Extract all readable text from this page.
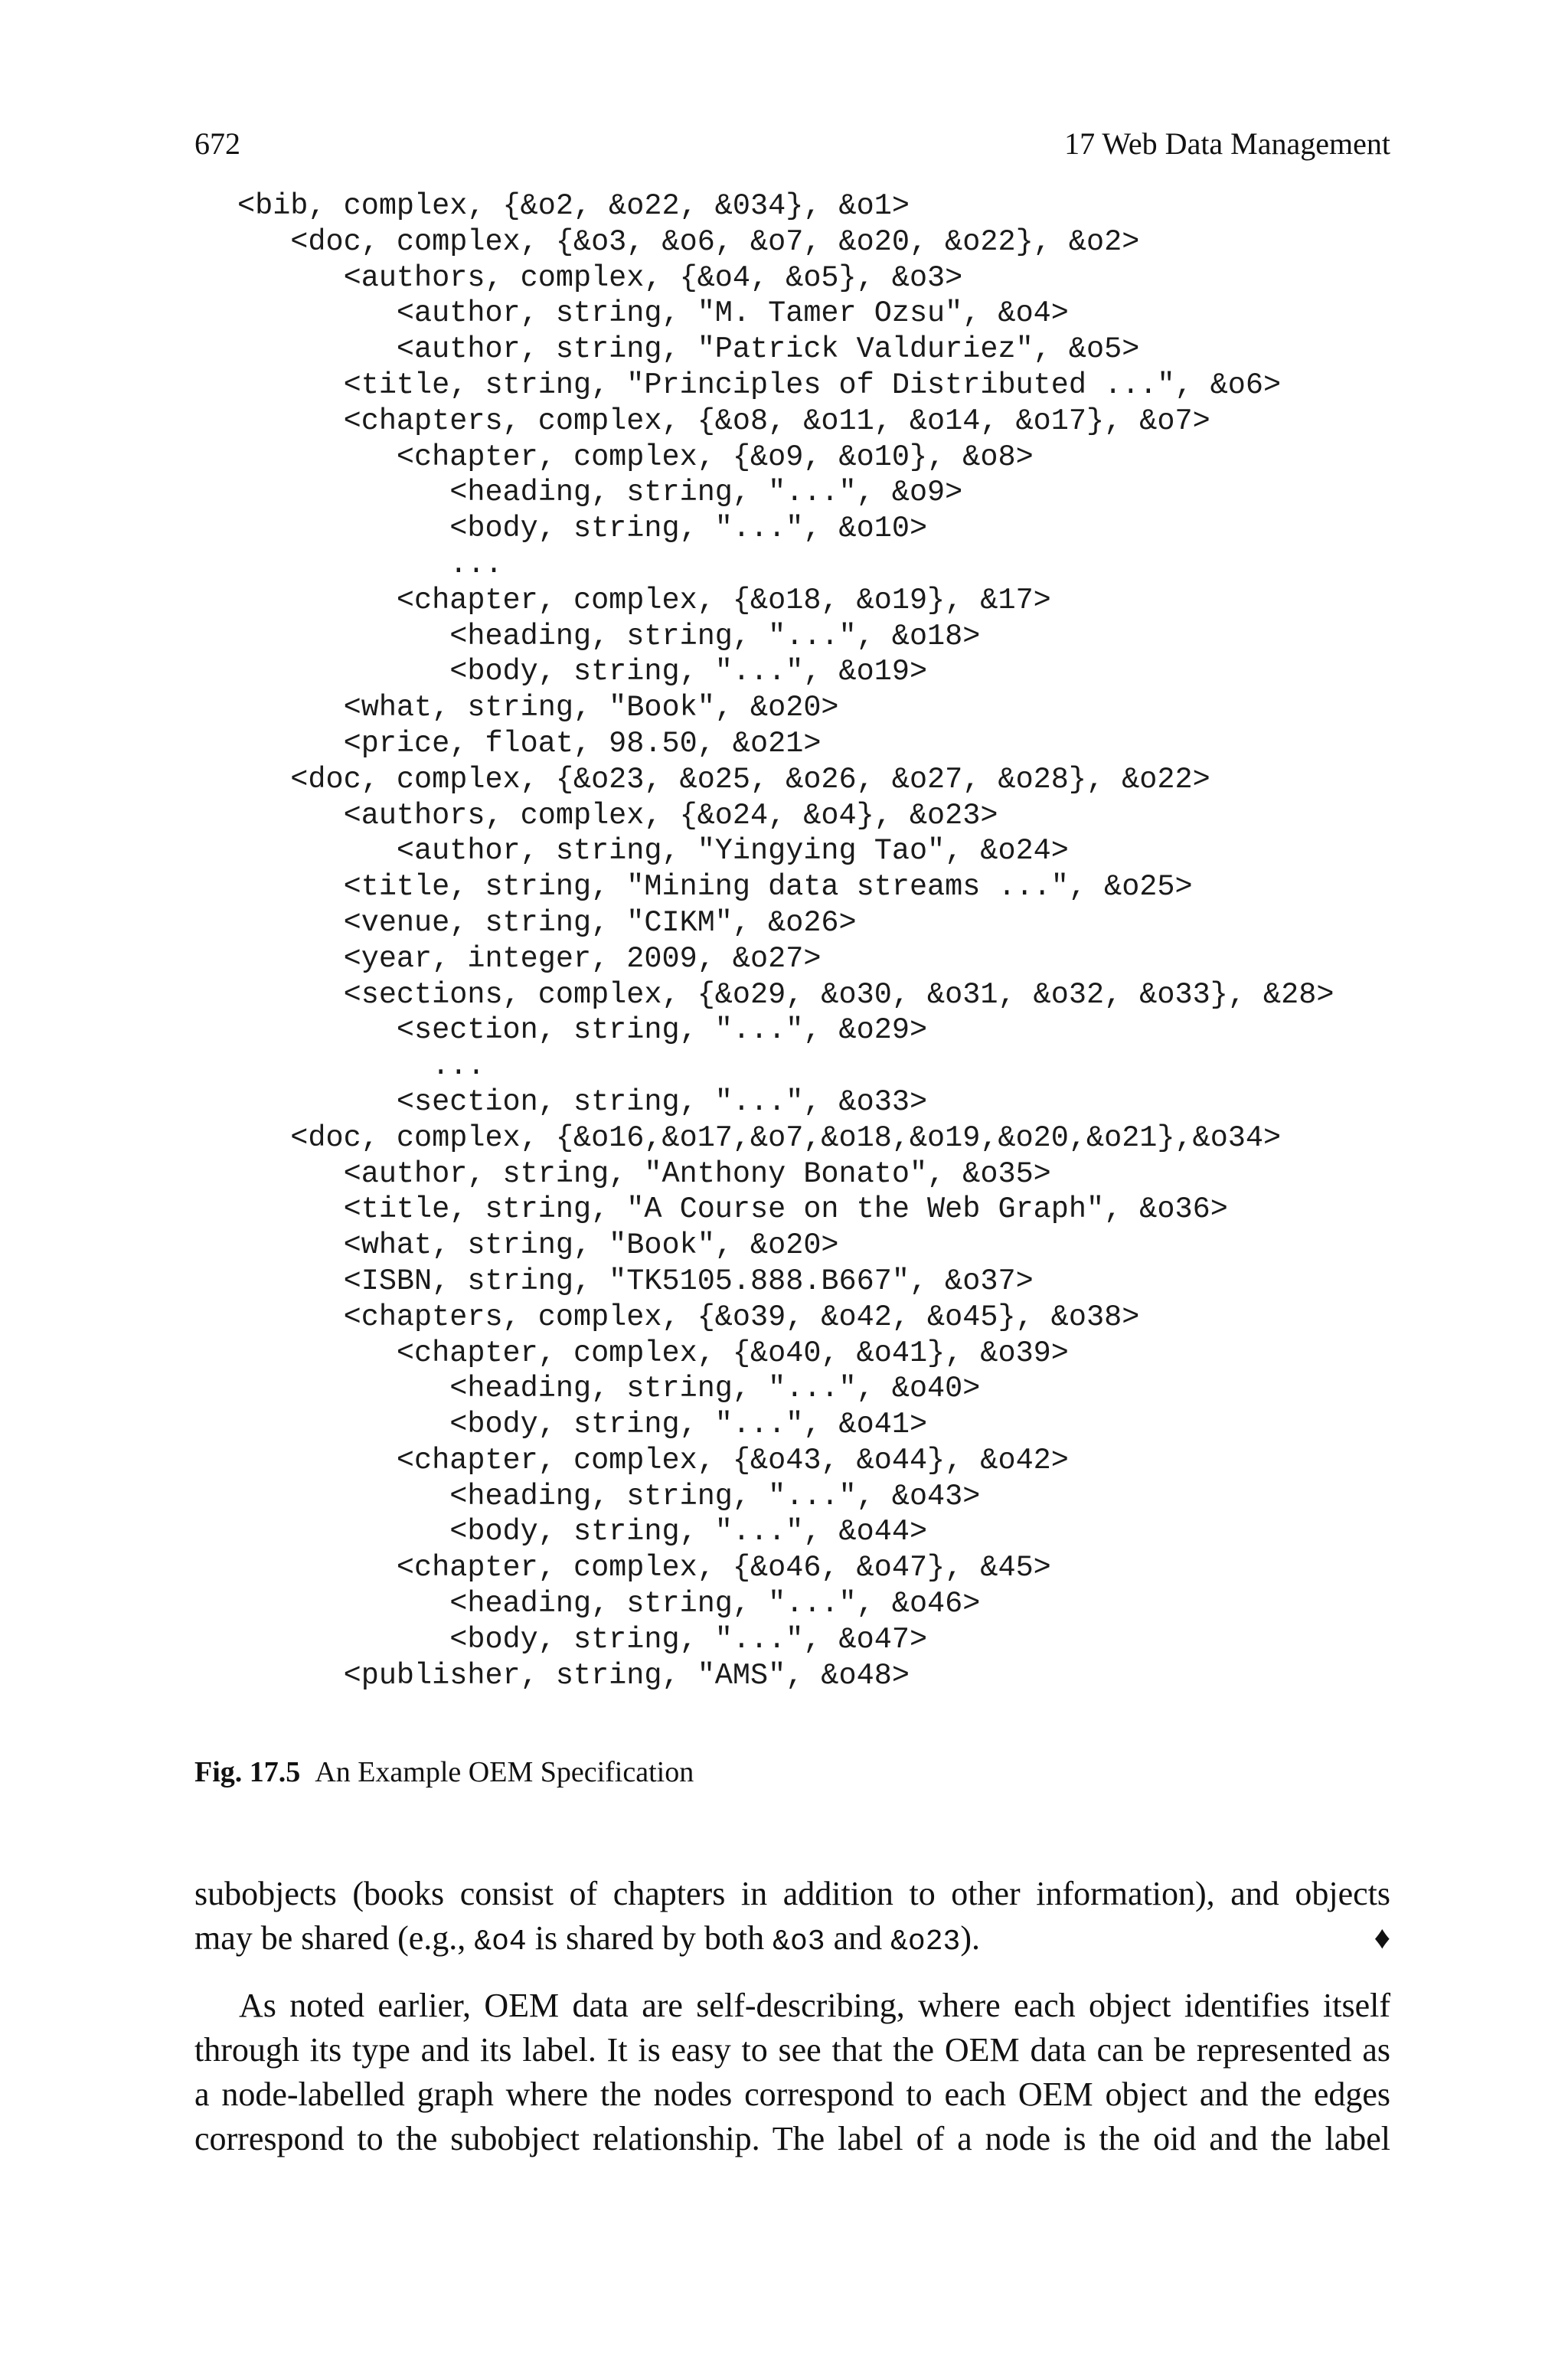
672	17 Web Data Management
<bib, complex, {&o2, &o22, &034}, &o1>
<doc, complex, {&o3, &o6, &o7, &o20, &o22}, &o2>
<authors, complex, {&o4, &o5}, &o3>
<author, string, "M. Tamer Ozsu", &o4>
<author, string, "Patrick Valduriez", &o5>
<title, string, "Principles of Distributed ...", &o6>
<chapters, complex, {&o8, &o11, &o14, &o17}, &o7>
<chapter, complex, {&o9, &o10}, &o8>
<heading, string, "...", &o9>
<body, string, "...", &o10>
...
<chapter, complex, {&o18, &o19}, &17>
<heading, string, "...", &o18>
<body, string, "...", &o19>
<what, string, "Book", &o20>
<price, float, 98.50, &o21>
<doc, complex, {&o23, &o25, &o26, &o27, &o28}, &o22>
<authors, complex, {&o24, &o4}, &o23>
<author, string, "Yingying Tao", &o24>
<title, string, "Mining data streams ...", &o25>
<venue, string, "CIKM", &o26>
<year, integer, 2009, &o27>
<sections, complex, {&o29, &o30, &o31, &o32, &o33}, &28>
<section, string, "...", &o29>
...
<section, string, "...", &o33>
<doc, complex, {&o16,&o17,&o7,&o18,&o19,&o20,&o21},&o34>
<author, string, "Anthony Bonato", &o35>
<title, string, "A Course on the Web Graph", &o36>
<what, string, "Book", &o20>
<ISBN, string, "TK5105.888.B667", &o37>
<chapters, complex, {&o39, &o42, &o45}, &o38>
<chapter, complex, {&o40, &o41}, &o39>
<heading, string, "...", &o40>
<body, string, "...", &o41>
<chapter, complex, {&o43, &o44}, &o42>
<heading, string, "...", &o43>
<body, string, "...", &o44>
<chapter, complex, {&o46, &o47}, &45>
<heading, string, "...", &o46>
<body, string, "...", &o47>
<publisher, string, "AMS", &o48>
Fig. 17.5 An Example OEM Specification
subobjects (books consist of chapters in addition to other information), and objects
may be shared (e.g., &o4 is shared by both &o3 and &o23).	♦
As noted earlier, OEM data are self-describing, where each object identifies itself
through its type and its label. It is easy to see that the OEM data can be represented as
a node-labelled graph where the nodes correspond to each OEM object and the edges
correspond to the subobject relationship. The label of a node is the oid and the label
